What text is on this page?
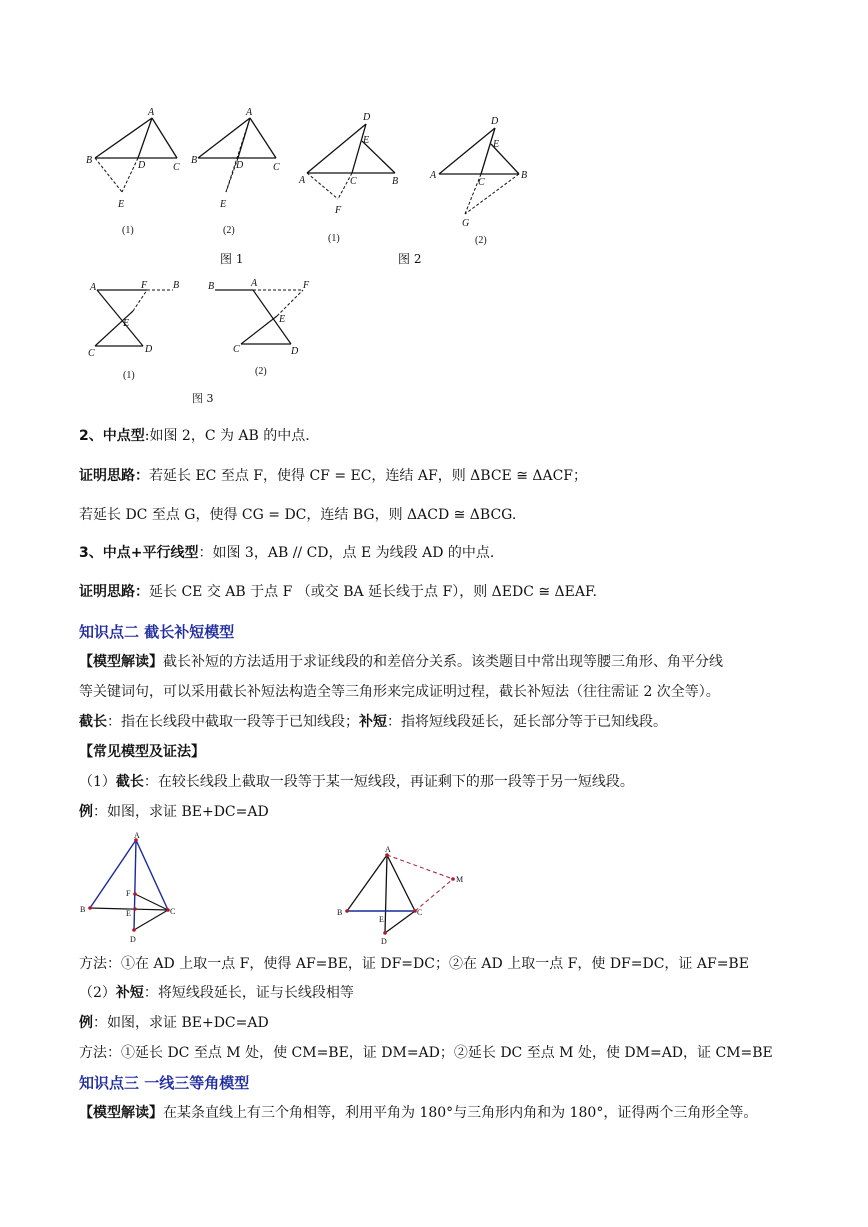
A
B	D	C
E
(1)
A
B	D	C
E
(2)
D
E
A	C	B
F
(1)
D
E
A
C
B
G
(2)
图 1	图 2
A	F	B
E
C	D
(1)
B	A	F
E
C	D
(2)
图 3
2、中点型:如图 2，C 为 AB 的中点.
证明思路：若延长 EC 至点 F，使得 CF = EC，连结 AF，则 ΔBCE ≅ ΔACF；
若延长 DC 至点 G，使得 CG = DC，连结 BG，则 ΔACD ≅ ΔBCG.
3、中点+平行线型：如图 3，AB // CD，点 E 为线段 AD 的中点.
证明思路：延长 CE 交 AB 于点 F （或交 BA 延长线于点 F），则 ΔEDC ≅ ΔEAF.
知识点二 截长补短模型
【模型解读】截长补短的方法适用于求证线段的和差倍分关系。该类题目中常出现等腰三角形、角平分线
等关键词句，可以采用截长补短法构造全等三角形来完成证明过程，截长补短法（往往需证 2 次全等）。
截长：指在长线段中截取一段等于已知线段；补短：指将短线段延长，延长部分等于已知线段。
【常见模型及证法】
（1）截长：在较长线段上截取一段等于某一短线段，再证剩下的那一段等于另一短线段。
例：如图，求证 BE+DC=AD
A
B	C
D
E
F
A
B	C
D
E
M
方法：①在 AD 上取一点 F，使得 AF=BE，证 DF=DC；②在 AD 上取一点 F，使 DF=DC，证 AF=BE
（2）补短：将短线段延长，证与长线段相等
例：如图，求证 BE+DC=AD
方法：①延长 DC 至点 M 处，使 CM=BE，证 DM=AD；②延长 DC 至点 M 处，使 DM=AD，证 CM=BE
知识点三 一线三等角模型
【模型解读】在某条直线上有三个角相等，利用平角为 180°与三角形内角和为 180°，证得两个三角形全等。
